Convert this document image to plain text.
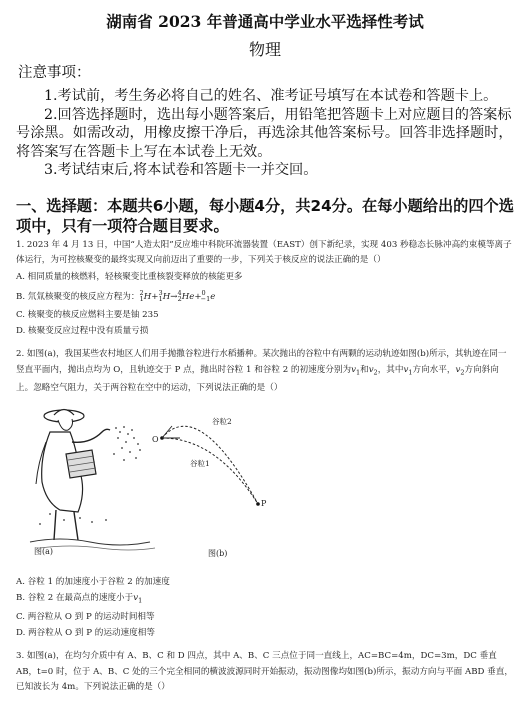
湖南省 2023 年普通高中学业水平选择性考试
物理
注意事项：

1.考试前，考生务必将自己的姓名、准考证号填写在本试卷和答题卡上。

2.回答选择题时，选出每小题答案后，用铅笔把答题卡上对应题目的答案标号涂黑。如需改动，用橡皮擦干净后，再选涂其他答案标号。回答非选择题时，将答案写在答题卡上写在本试卷上无效。

3.考试结束后,将本试卷和答题卡一并交回。

一、选择题：本题共6小题，每小题4分，共24分。在每小题给出的四个选项中，只有一项符合题目要求。

1. 2023 年 4 月 13 日，中国“人造太阳”反应堆中科院环流器装置（EAST）创下新纪录，实现 403 秒稳态长脉冲高约束模等离子体运行，为可控核聚变的最终实现又向前迈出了重要的一步，下列关于核反应的说法正确的是（）

A. 相同质量的核燃料，轻核聚变比重核裂变释放的核能更多

B. 氘氚核聚变的核反应方程为：$^2_1$H+$^3_1$H→$^4_2$He+$^0_{-1}$e

C. 核聚变的核反应燃料主要是铀 235

D. 核聚变反应过程中没有质量亏损

2. 如图(a)，我国某些农村地区人们用手抛撒谷粒进行水稻播种。某次抛出的谷粒中有两颗的运动轨迹如图(b)所示，其轨迹在同一竖直平面内，抛出点均为 O，且轨迹交于 P 点，抛出时谷粒 1 和谷粒 2 的初速度分别为$v_1$和$v_2$，其中$v_1$方向水平，$v_2$方向斜向上。忽略空气阻力，关于两谷粒在空中的运动，下列说法正确的是（）

图(a)
O
P
谷粒2
谷粒1
图(b)

A. 谷粒 1 的加速度小于谷粒 2 的加速度

B. 谷粒 2 在最高点的速度小于$v_1$

C. 两谷粒从 O 到 P 的运动时间相等

D. 两谷粒从 O 到 P 的运动速度相等

3. 如图(a)，在均匀介质中有 A、B、C 和 D 四点，其中 A、B、C 三点位于同一直线上，AC=BC=4m，DC=3m，DC 垂直 AB，t=0 时，位于 A、B、C 处的三个完全相同的横波波源同时开始振动，振动图像均如图(b)所示，振动方向与平面 ABD 垂直，已知波长为 4m。下列说法正确的是（）
